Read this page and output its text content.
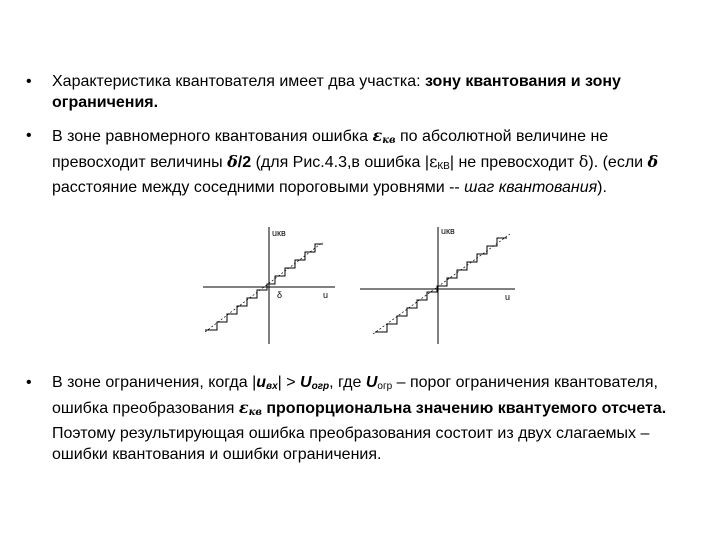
• Характеристика квантователя имеет два участка: зону квантования и зону ограничения.
• В зоне равномерного квантования ошибка $\varepsilon_{кв}$ по абсолютной величине не превосходит величины δ/2 (для Рис.4.3,в ошибка $|\varepsilon_{КВ}|$ не превосходит δ). (если δ расстояние между соседними пороговыми уровнями -- шаг квантования).
uкв
u
δ
uкв
u
• В зоне ограничения, когда $|u_{вх}| > U_{огр}$, где $U_{огр}$ – порог ограничения квантователя, ошибка преобразования $\varepsilon_{кв}$ пропорциональна значению квантуемого отсчета. Поэтому результирующая ошибка преобразования состоит из двух слагаемых – ошибки квантования и ошибки ограничения.
